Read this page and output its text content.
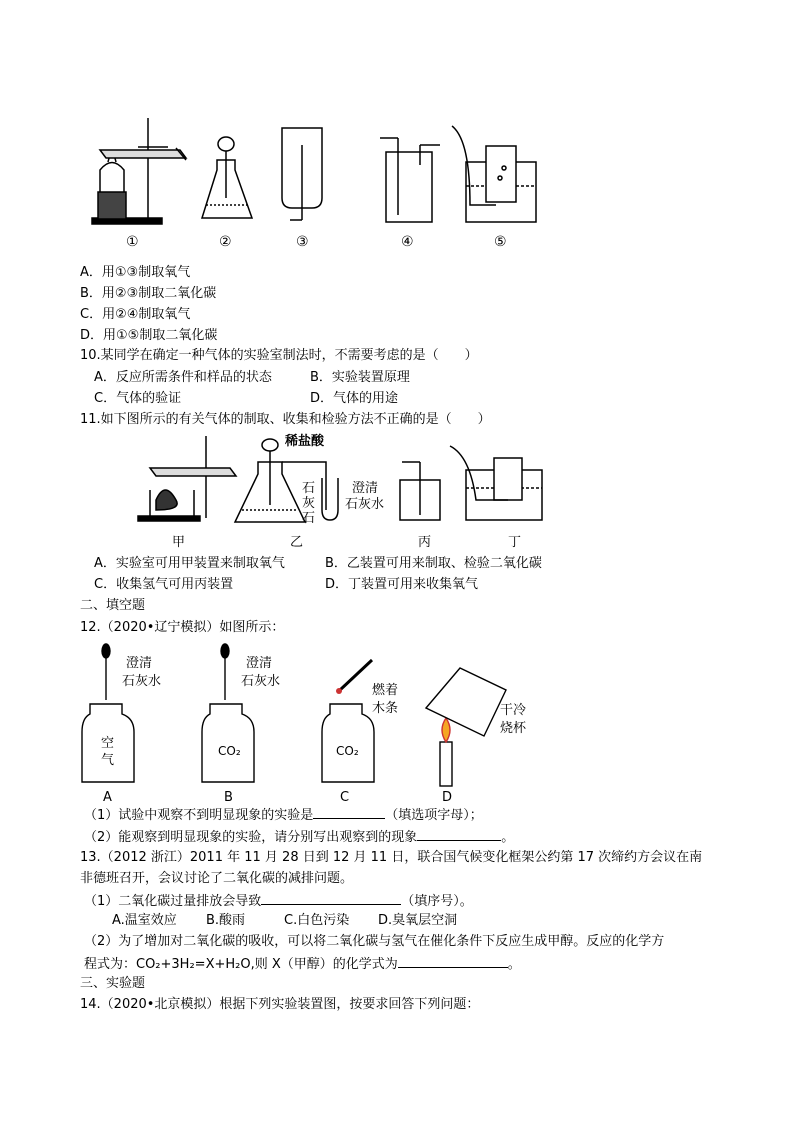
①	②	③	④	⑤
A．用①③制取氧气
B．用②③制取二氧化碳
C．用②④制取氧气
D．用①⑤制取二氧化碳
10.某同学在确定一种气体的实验室制法时，不需要考虑的是（　　）
A．反应所需条件和样品的状态	B．实验装置原理
C．气体的验证	D．气体的用途
11.如下图所示的有关气体的制取、收集和检验方法不正确的是（　　）
稀盐酸
石
灰
石
澄清
石灰水
甲	乙	丙	丁
A．实验室可用甲装置来制取氧气	B．乙装置可用来制取、检验二氧化碳
C．收集氢气可用丙装置	D．丁装置可用来收集氧气
二、填空题
12.（2020•辽宁模拟）如图所示：
澄清
石灰水
澄清
石灰水
空
气
CO₂	CO₂
燃着
木条	干冷
烧杯
A	B	C	D
（1）试验中观察不到明显现象的实验是	（填选项字母）；
（2）能观察到明显现象的实验，请分别写出观察到的现象	。
13.（2012 浙江）2011 年 11 月 28 日到 12 月 11 日，联合国气候变化框架公约第 17 次缔约方会议在南
非德班召开，会议讨论了二氧化碳的减排问题。
（1）二氧化碳过量排放会导致	（填序号）。
A.温室效应 B.酸雨	C.白色污染 D.臭氧层空洞
（2）为了增加对二氧化碳的吸收，可以将二氧化碳与氢气在催化条件下反应生成甲醇。反应的化学方
程式为：CO₂+3H₂=X+H₂O,则 X（甲醇）的化学式为	。
三、实验题
14.（2020•北京模拟）根据下列实验装置图，按要求回答下列问题：
